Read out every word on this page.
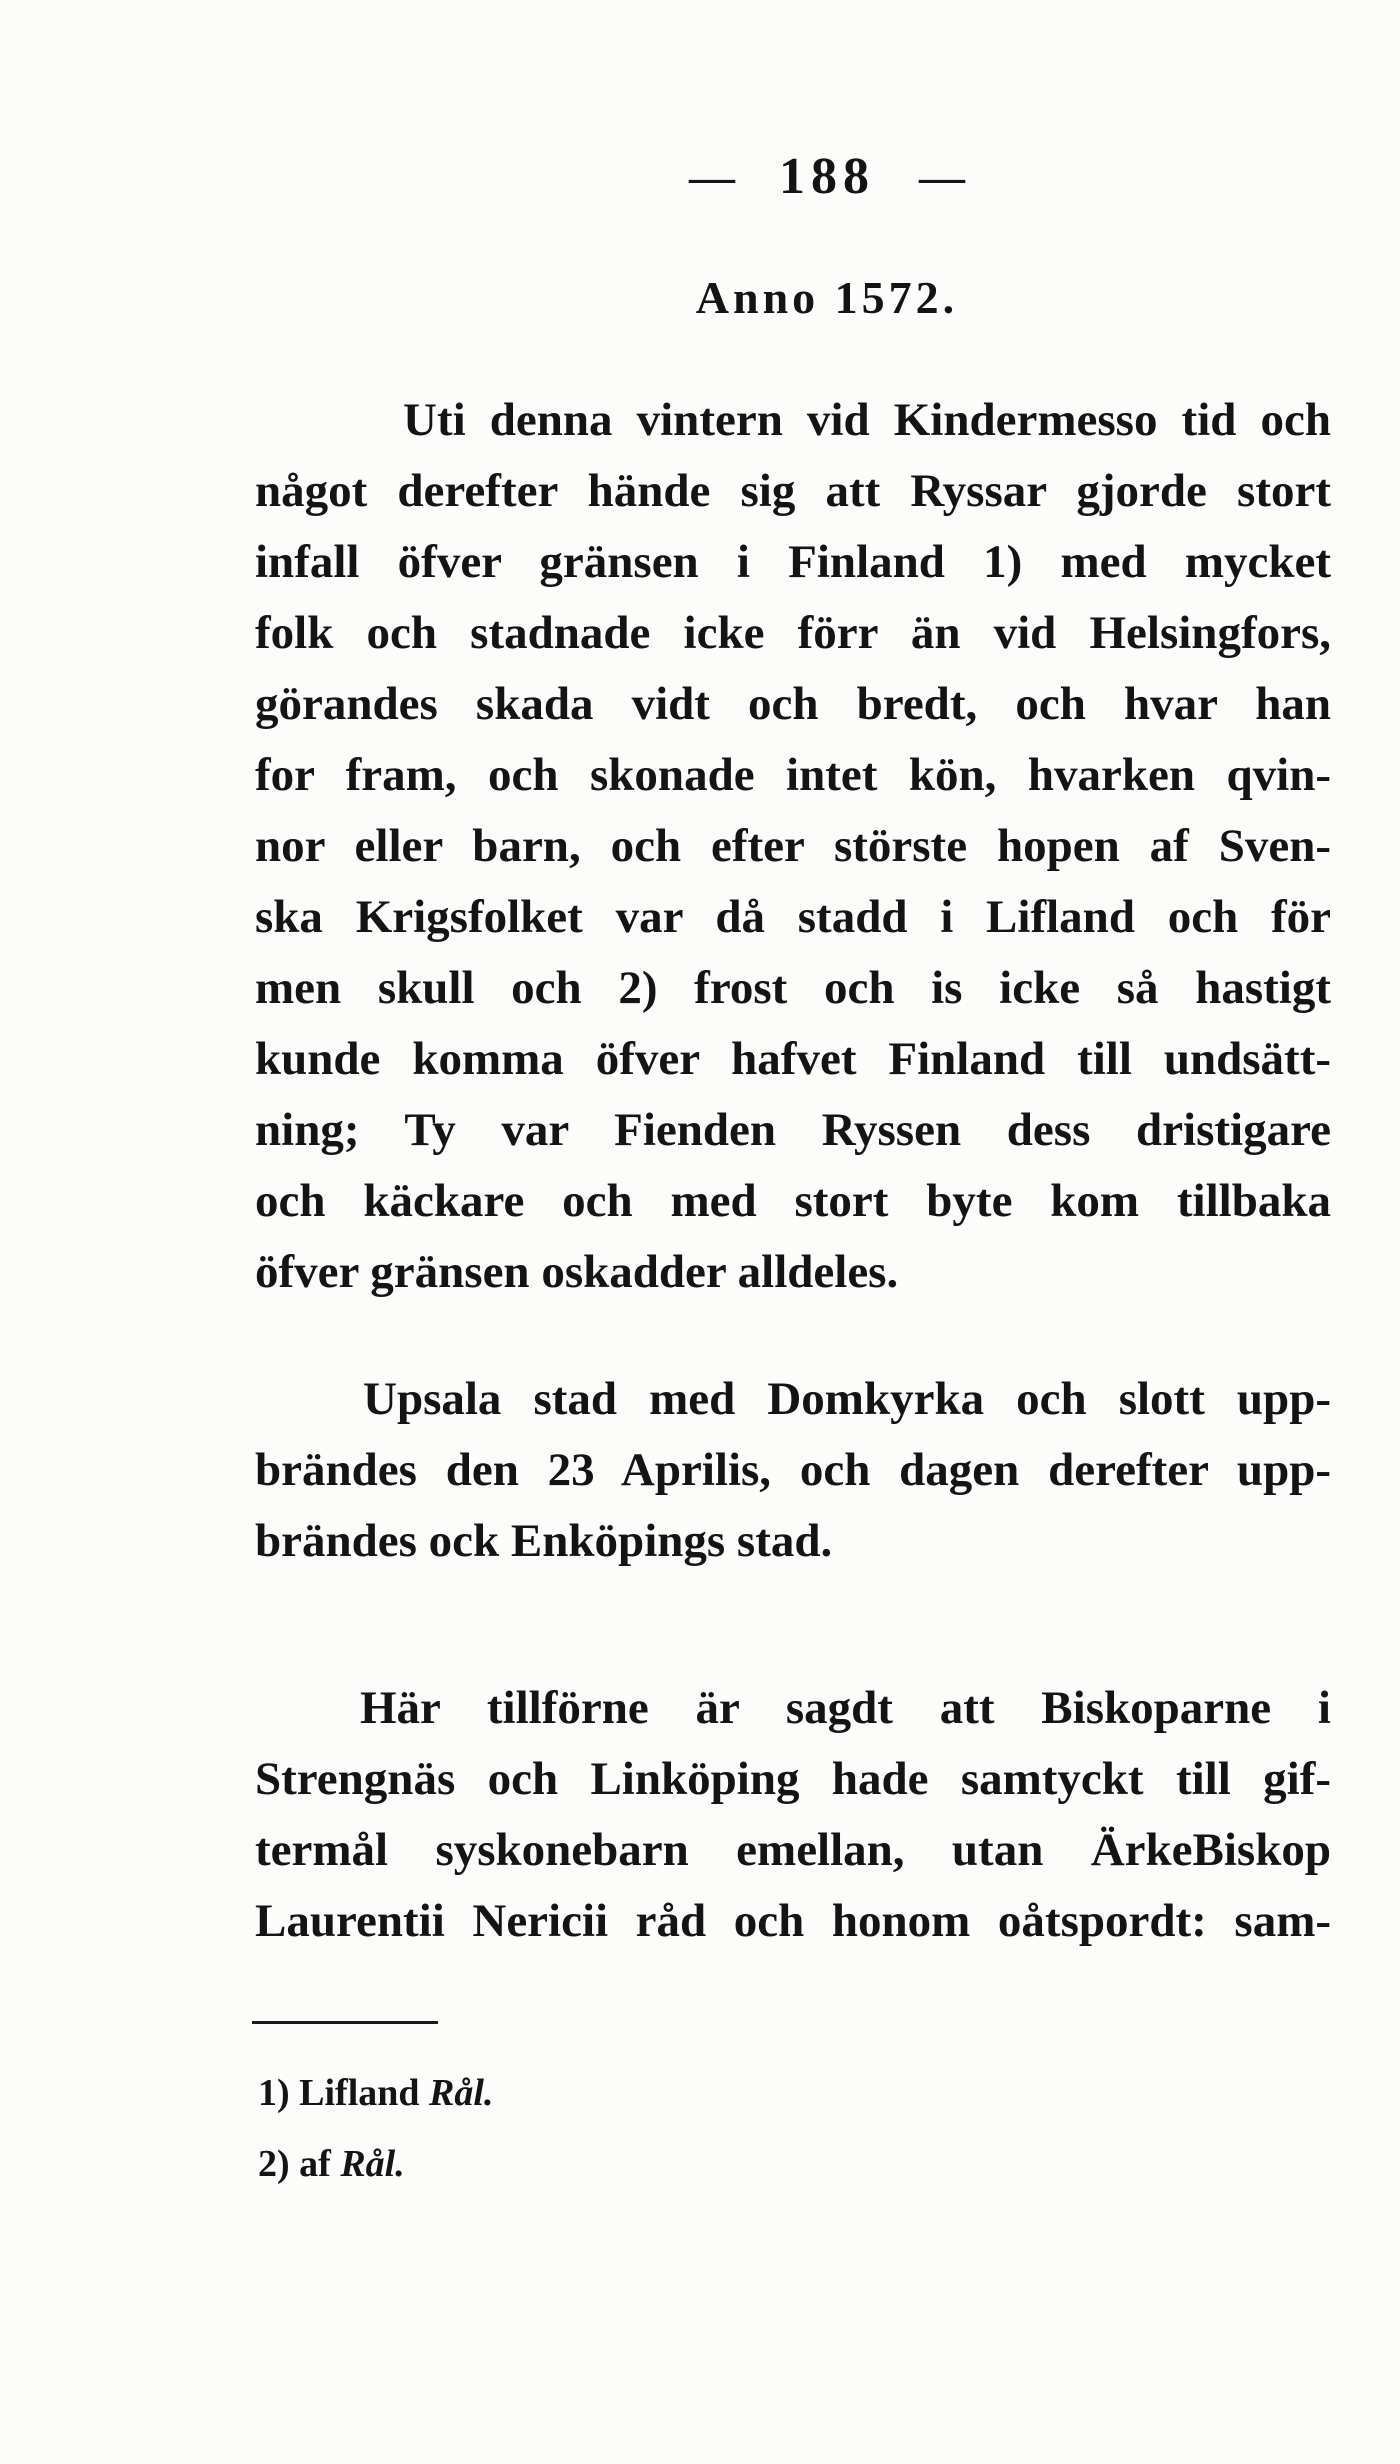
— 188 —
Anno 1572.
Uti denna vintern vid Kindermesso tid och
något derefter hände sig att Ryssar gjorde stort
infall öfver gränsen i Finland 1) med mycket
folk och stadnade icke förr än vid Helsingfors,
görandes skada vidt och bredt, och hvar han
for fram, och skonade intet kön, hvarken qvin-
nor eller barn, och efter störste hopen af Sven-
ska Krigsfolket var då stadd i Lifland och för
men skull och 2) frost och is icke så hastigt
kunde komma öfver hafvet Finland till undsätt-
ning; Ty var Fienden Ryssen dess dristigare
och käckare och med stort byte kom tillbaka
öfver gränsen oskadder alldeles.
Upsala stad med Domkyrka och slott upp-
brändes den 23 Aprilis, och dagen derefter upp-
brändes ock Enköpings stad.
Här tillförne är sagdt att Biskoparne i
Strengnäs och Linköping hade samtyckt till gif-
termål syskonebarn emellan, utan ÄrkeBiskop
Laurentii Nericii råd och honom oåtspordt: sam-
1) Lifland Rål.
2) af Rål.
